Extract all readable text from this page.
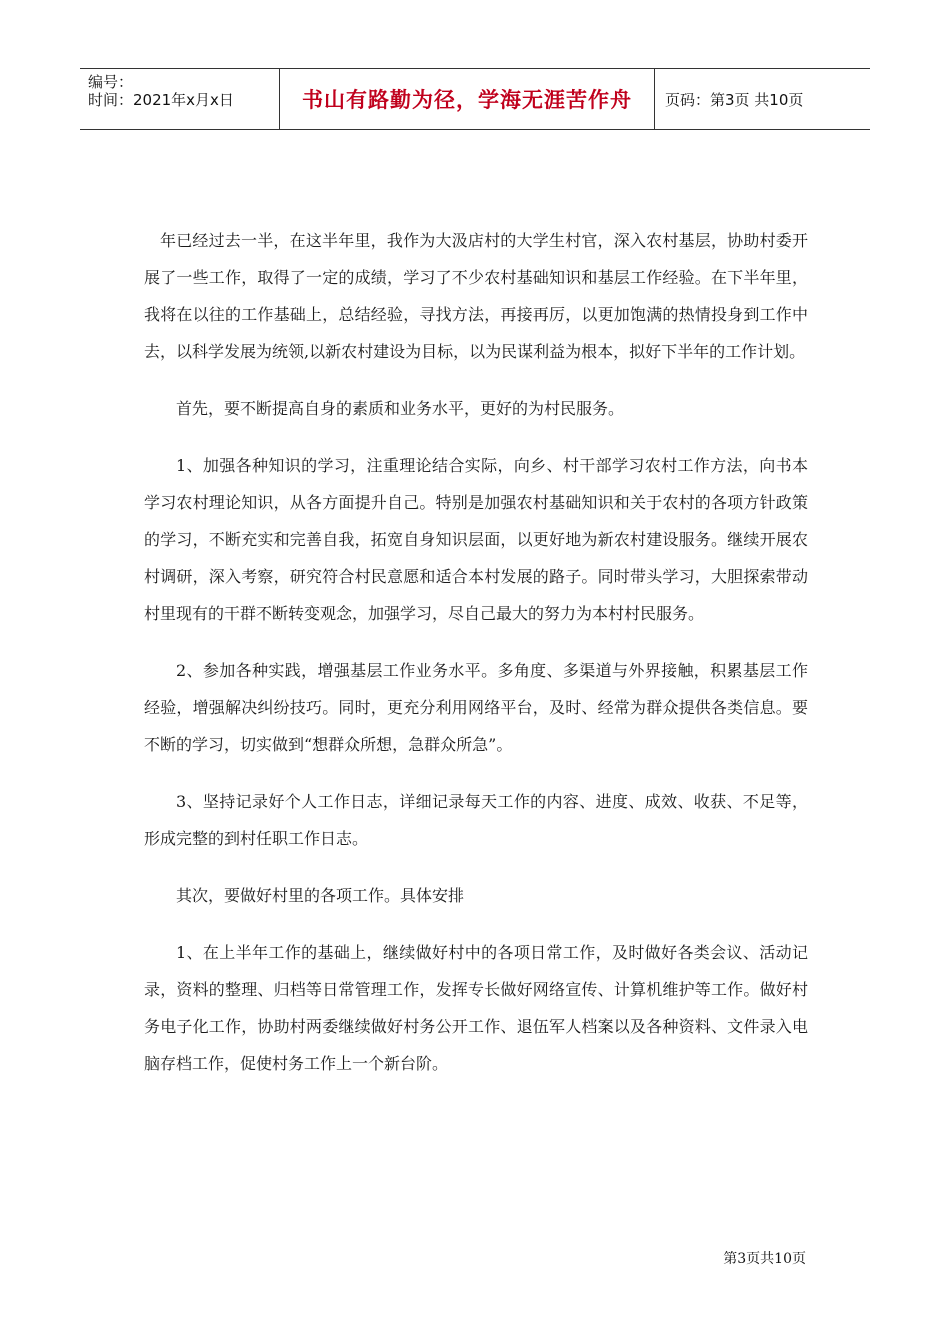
编号：
时间：2021年x月x日	书山有路勤为径，学海无涯苦作舟	页码：第3页 共10页

年已经过去一半，在这半年里，我作为大汲店村的大学生村官，深入农村基层，协助村委开展了一些工作，取得了一定的成绩，学习了不少农村基础知识和基层工作经验。在下半年里，我将在以往的工作基础上，总结经验，寻找方法，再接再厉，以更加饱满的热情投身到工作中去，以科学发展为统领,以新农村建设为目标，以为民谋利益为根本，拟好下半年的工作计划。

首先，要不断提高自身的素质和业务水平，更好的为村民服务。

1、加强各种知识的学习，注重理论结合实际，向乡、村干部学习农村工作方法，向书本学习农村理论知识，从各方面提升自己。特别是加强农村基础知识和关于农村的各项方针政策的学习，不断充实和完善自我，拓宽自身知识层面，以更好地为新农村建设服务。继续开展农村调研，深入考察，研究符合村民意愿和适合本村发展的路子。同时带头学习，大胆探索带动村里现有的干群不断转变观念，加强学习，尽自己最大的努力为本村村民服务。

2、参加各种实践，增强基层工作业务水平。多角度、多渠道与外界接触，积累基层工作经验，增强解决纠纷技巧。同时，更充分利用网络平台，及时、经常为群众提供各类信息。要不断的学习，切实做到“想群众所想，急群众所急”。

3、坚持记录好个人工作日志，详细记录每天工作的内容、进度、成效、收获、不足等，形成完整的到村任职工作日志。

其次，要做好村里的各项工作。具体安排

1、在上半年工作的基础上，继续做好村中的各项日常工作，及时做好各类会议、活动记录，资料的整理、归档等日常管理工作，发挥专长做好网络宣传、计算机维护等工作。做好村务电子化工作，协助村两委继续做好村务公开工作、退伍军人档案以及各种资料、文件录入电脑存档工作，促使村务工作上一个新台阶。

第3页共10页
